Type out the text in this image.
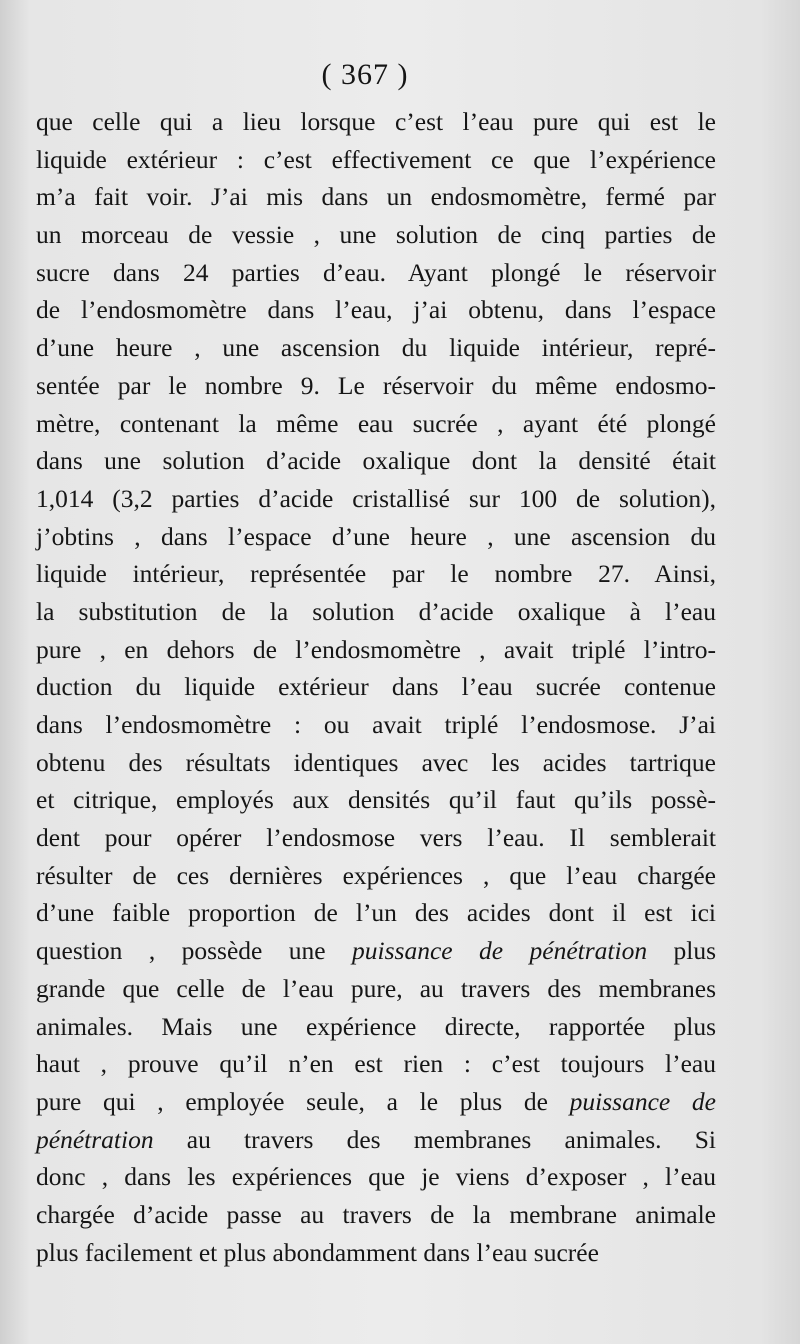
( 367 )
que celle qui a lieu lorsque c’est l’eau pure qui est le
liquide extérieur : c’est effectivement ce que l’expérience
m’a fait voir. J’ai mis dans un endosmomètre, fermé par
un morceau de vessie , une solution de cinq parties de
sucre dans 24 parties d’eau. Ayant plongé le réservoir
de l’endosmomètre dans l’eau, j’ai obtenu, dans l’espace
d’une heure , une ascension du liquide intérieur, repré-
sentée par le nombre 9. Le réservoir du même endosmo-
mètre, contenant la même eau sucrée , ayant été plongé
dans une solution d’acide oxalique dont la densité était
1,014 (3,2 parties d’acide cristallisé sur 100 de solution),
j’obtins , dans l’espace d’une heure , une ascension du
liquide intérieur, représentée par le nombre 27. Ainsi,
la substitution de la solution d’acide oxalique à l’eau
pure , en dehors de l’endosmomètre , avait triplé l’intro-
duction du liquide extérieur dans l’eau sucrée contenue
dans l’endosmomètre : ou avait triplé l’endosmose. J’ai
obtenu des résultats identiques avec les acides tartrique
et citrique, employés aux densités qu’il faut qu’ils possè-
dent pour opérer l’endosmose vers l’eau. Il semblerait
résulter de ces dernières expériences , que l’eau chargée
d’une faible proportion de l’un des acides dont il est ici
question , possède une puissance de pénétration plus
grande que celle de l’eau pure, au travers des membranes
animales. Mais une expérience directe, rapportée plus
haut , prouve qu’il n’en est rien : c’est toujours l’eau
pure qui , employée seule, a le plus de puissance de
pénétration au travers des membranes animales. Si
donc , dans les expériences que je viens d’exposer , l’eau
chargée d’acide passe au travers de la membrane animale
plus facilement et plus abondamment dans l’eau sucrée
